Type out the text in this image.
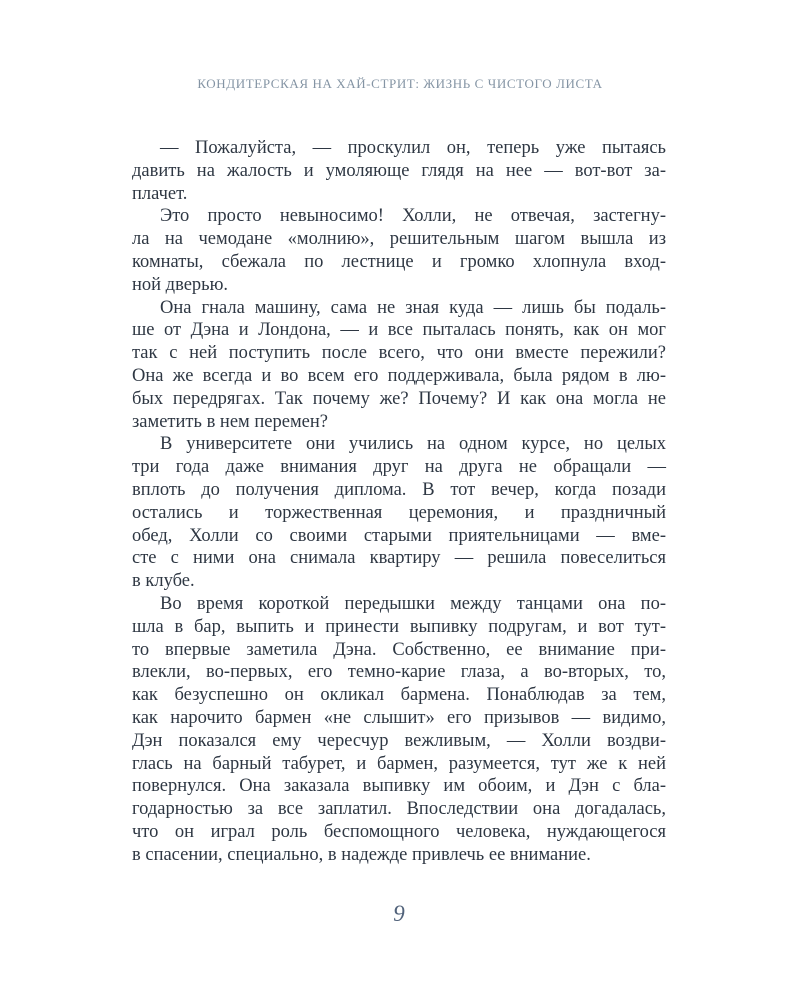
КОНДИТЕРСКАЯ НА ХАЙ-СТРИТ: ЖИЗНЬ С ЧИСТОГО ЛИСТА
— Пожалуйста, — проскулил он, теперь уже пытаясь
давить на жалость и умоляюще глядя на нее — вот-вот за-
плачет.
Это просто невыносимо! Холли, не отвечая, застегну-
ла на чемодане «молнию», решительным шагом вышла из
комнаты, сбежала по лестнице и громко хлопнула вход-
ной дверью.
Она гнала машину, сама не зная куда — лишь бы подаль-
ше от Дэна и Лондона, — и все пыталась понять, как он мог
так с ней поступить после всего, что они вместе пережили?
Она же всегда и во всем его поддерживала, была рядом в лю-
бых передрягах. Так почему же? Почему? И как она могла не
заметить в нем перемен?
В университете они учились на одном курсе, но целых
три года даже внимания друг на друга не обращали —
вплоть до получения диплома. В тот вечер, когда позади
остались и торжественная церемония, и праздничный
обед, Холли со своими старыми приятельницами — вме-
сте с ними она снимала квартиру — решила повеселиться
в клубе.
Во время короткой передышки между танцами она по-
шла в бар, выпить и принести выпивку подругам, и вот тут-
то впервые заметила Дэна. Собственно, ее внимание при-
влекли, во-первых, его темно-карие глаза, а во-вторых, то,
как безуспешно он окликал бармена. Понаблюдав за тем,
как нарочито бармен «не слышит» его призывов — видимо,
Дэн показался ему чересчур вежливым, — Холли воздви-
глась на барный табурет, и бармен, разумеется, тут же к ней
повернулся. Она заказала выпивку им обоим, и Дэн с бла-
годарностью за все заплатил. Впоследствии она догадалась,
что он играл роль беспомощного человека, нуждающегося
в спасении, специально, в надежде привлечь ее внимание.
9
